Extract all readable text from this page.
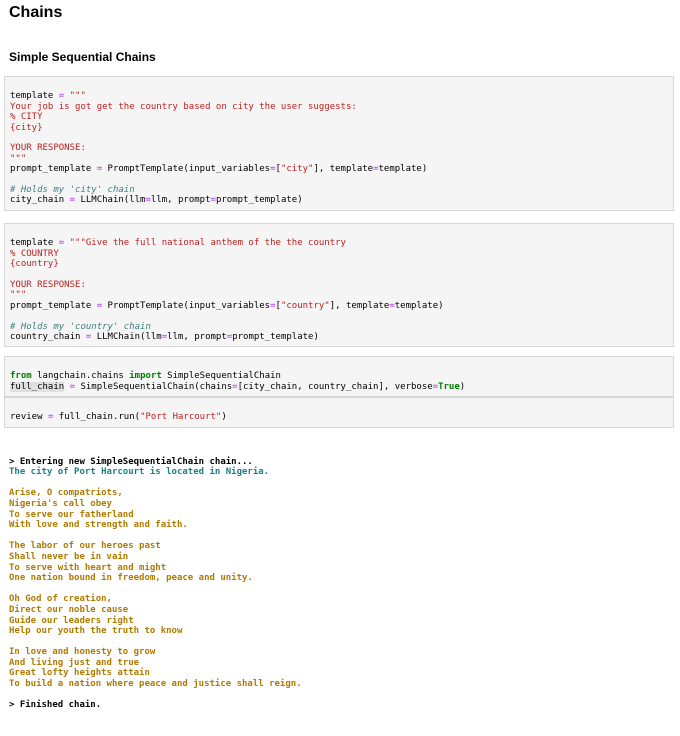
Chains
Simple Sequential Chains

template = """
Your job is got get the country based on city the user suggests:
% CITY
{city}
YOUR RESPONSE:
"""
prompt_template = PromptTemplate(input_variables=["city"], template=template)
# Holds my 'city' chain
city_chain = LLMChain(llm=llm, prompt=prompt_template)

template = """Give the full national anthem of the the country
% COUNTRY
{country}
YOUR RESPONSE:
"""
prompt_template = PromptTemplate(input_variables=["country"], template=template)
# Holds my 'country' chain
country_chain = LLMChain(llm=llm, prompt=prompt_template)

from langchain.chains import SimpleSequentialChain
full_chain = SimpleSequentialChain(chains=[city_chain, country_chain], verbose=True)

review = full_chain.run("Port Harcourt")

> Entering new SimpleSequentialChain chain...
The city of Port Harcourt is located in Nigeria.
Arise, O compatriots,
Nigeria's call obey
To serve our fatherland
With love and strength and faith.
The labor of our heroes past
Shall never be in vain
To serve with heart and might
One nation bound in freedom, peace and unity.
Oh God of creation,
Direct our noble cause
Guide our leaders right
Help our youth the truth to know
In love and honesty to grow
And living just and true
Great lofty heights attain
To build a nation where peace and justice shall reign.
> Finished chain.
